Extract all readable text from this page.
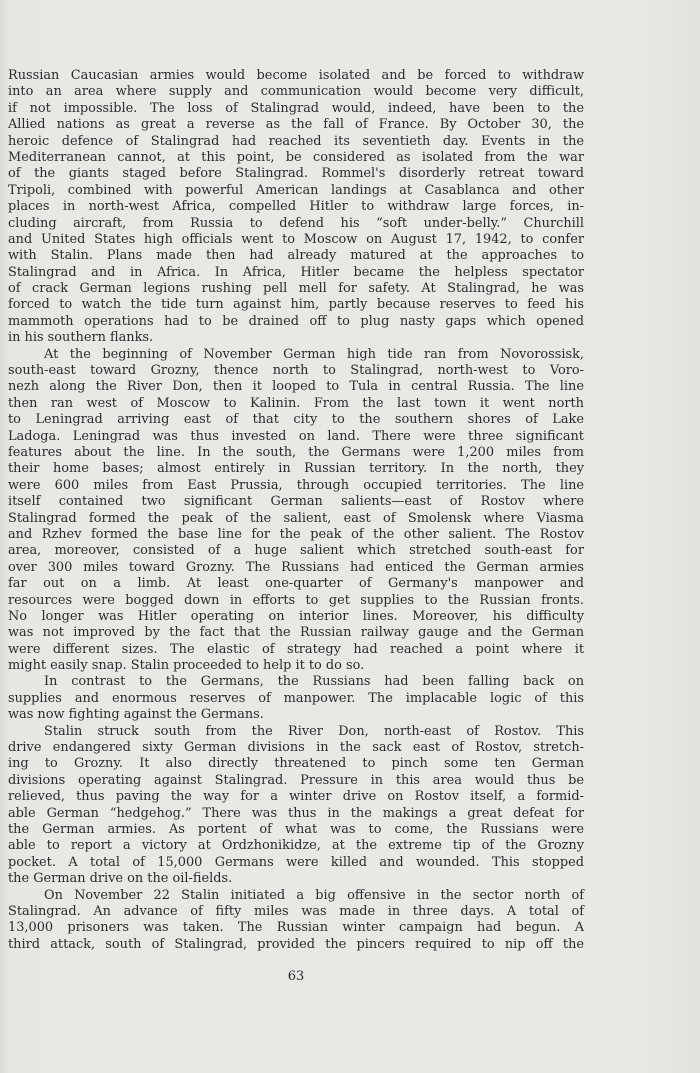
Russian Caucasian armies would become isolated and be forced to withdraw
into an area where supply and communication would become very difficult,
if not impossible. The loss of Stalingrad would, indeed, have been to the
Allied nations as great a reverse as the fall of France. By October 30, the
heroic defence of Stalingrad had reached its seventieth day. Events in the
Mediterranean cannot, at this point, be considered as isolated from the war
of the giants staged before Stalingrad. Rommel's disorderly retreat toward
Tripoli, combined with powerful American landings at Casablanca and other
places in north-west Africa, compelled Hitler to withdraw large forces, in-
cluding aircraft, from Russia to defend his “soft under-belly.” Churchill
and United States high officials went to Moscow on August 17, 1942, to confer
with Stalin. Plans made then had already matured at the approaches to
Stalingrad and in Africa. In Africa, Hitler became the helpless spectator
of crack German legions rushing pell mell for safety. At Stalingrad, he was
forced to watch the tide turn against him, partly because reserves to feed his
mammoth operations had to be drained off to plug nasty gaps which opened
in his southern flanks.
At the beginning of November German high tide ran from Novorossisk,
south-east toward Grozny, thence north to Stalingrad, north-west to Voro-
nezh along the River Don, then it looped to Tula in central Russia. The line
then ran west of Moscow to Kalinin. From the last town it went north
to Leningrad arriving east of that city to the southern shores of Lake
Ladoga. Leningrad was thus invested on land. There were three significant
features about the line. In the south, the Germans were 1,200 miles from
their home bases; almost entirely in Russian territory. In the north, they
were 600 miles from East Prussia, through occupied territories. The line
itself contained two significant German salients—east of Rostov where
Stalingrad formed the peak of the salient, east of Smolensk where Viasma
and Rzhev formed the base line for the peak of the other salient. The Rostov
area, moreover, consisted of a huge salient which stretched south-east for
over 300 miles toward Grozny. The Russians had enticed the German armies
far out on a limb. At least one-quarter of Germany's manpower and
resources were bogged down in efforts to get supplies to the Russian fronts.
No longer was Hitler operating on interior lines. Moreover, his difficulty
was not improved by the fact that the Russian railway gauge and the German
were different sizes. The elastic of strategy had reached a point where it
might easily snap. Stalin proceeded to help it to do so.
In contrast to the Germans, the Russians had been falling back on
supplies and enormous reserves of manpower. The implacable logic of this
was now fighting against the Germans.
Stalin struck south from the River Don, north-east of Rostov. This
drive endangered sixty German divisions in the sack east of Rostov, stretch-
ing to Grozny. It also directly threatened to pinch some ten German
divisions operating against Stalingrad. Pressure in this area would thus be
relieved, thus paving the way for a winter drive on Rostov itself, a formid-
able German “hedgehog.” There was thus in the makings a great defeat for
the German armies. As portent of what was to come, the Russians were
able to report a victory at Ordzhonikidze, at the extreme tip of the Grozny
pocket. A total of 15,000 Germans were killed and wounded. This stopped
the German drive on the oil-fields.
On November 22 Stalin initiated a big offensive in the sector north of
Stalingrad. An advance of fifty miles was made in three days. A total of
13,000 prisoners was taken. The Russian winter campaign had begun. A
third attack, south of Stalingrad, provided the pincers required to nip off the
63
